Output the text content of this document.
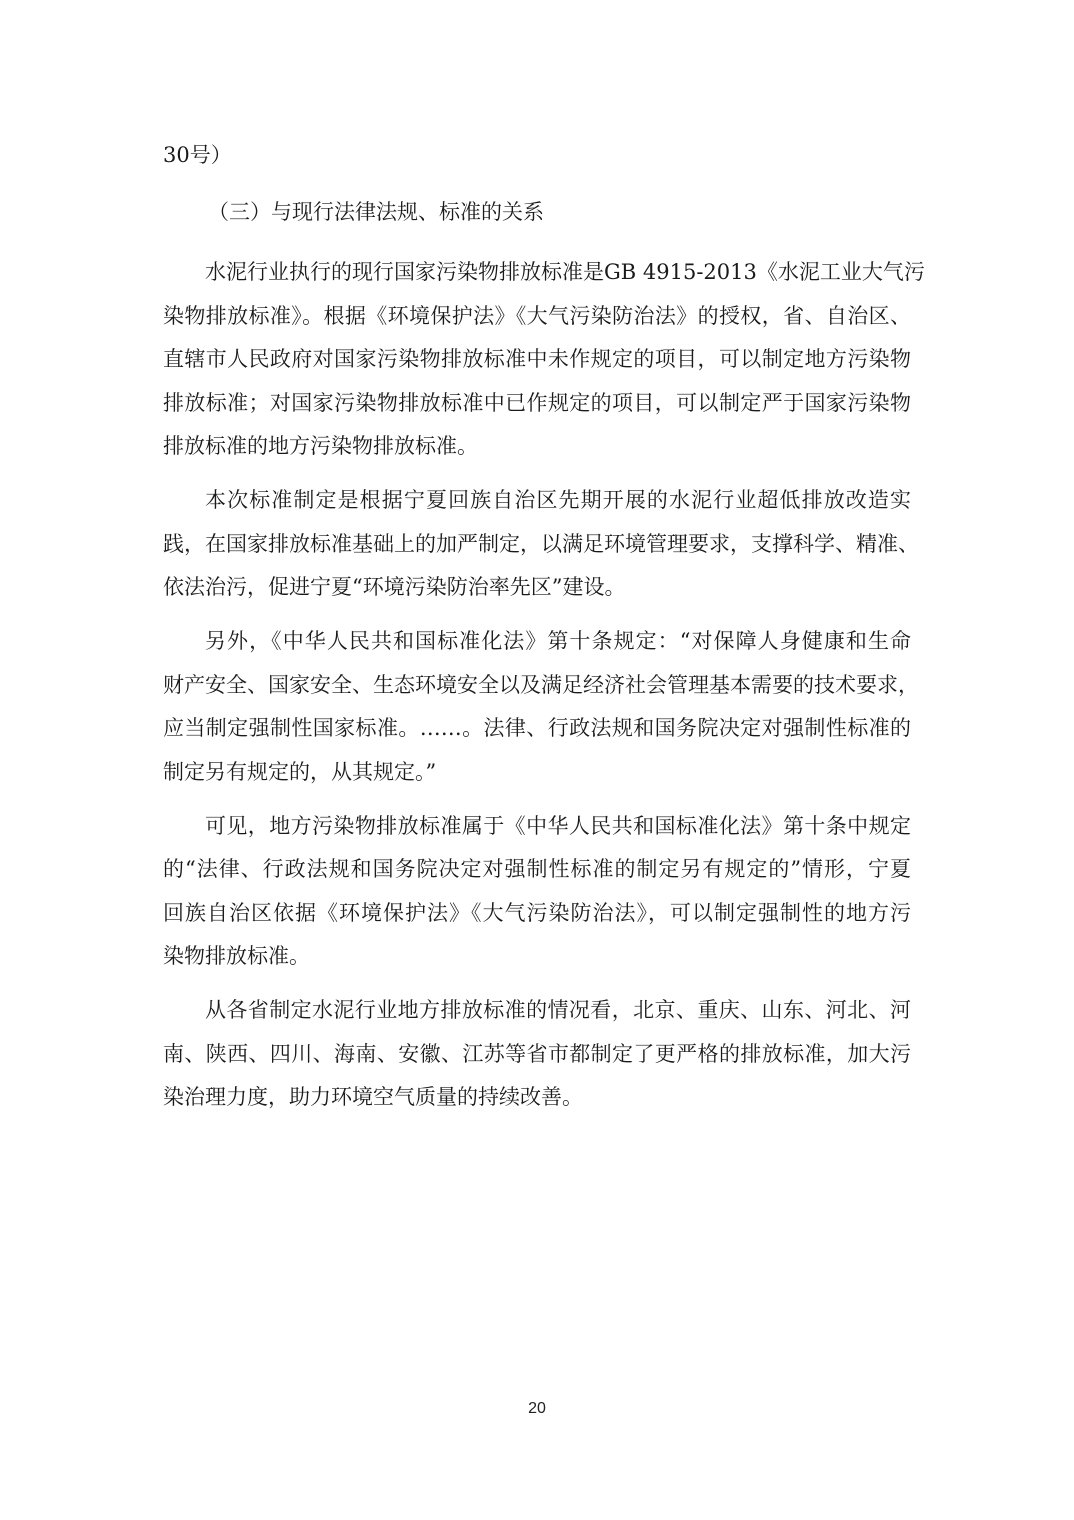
30号）
（三）与现行法律法规、标准的关系
水泥行业执行的现行国家污染物排放标准是GB 4915-2013《水泥工业大气污
染物排放标准》。根据《环境保护法》《大气污染防治法》的授权，省、自治区、
直辖市人民政府对国家污染物排放标准中未作规定的项目，可以制定地方污染物
排放标准；对国家污染物排放标准中已作规定的项目，可以制定严于国家污染物
排放标准的地方污染物排放标准。
本次标准制定是根据宁夏回族自治区先期开展的水泥行业超低排放改造实
践，在国家排放标准基础上的加严制定，以满足环境管理要求，支撑科学、精准、
依法治污，促进宁夏“环境污染防治率先区”建设。
另外，《中华人民共和国标准化法》第十条规定：“对保障人身健康和生命
财产安全、国家安全、生态环境安全以及满足经济社会管理基本需要的技术要求，
应当制定强制性国家标准。……。法律、行政法规和国务院决定对强制性标准的
制定另有规定的，从其规定。”
可见，地方污染物排放标准属于《中华人民共和国标准化法》第十条中规定
的“法律、行政法规和国务院决定对强制性标准的制定另有规定的”情形，宁夏
回族自治区依据《环境保护法》《大气污染防治法》，可以制定强制性的地方污
染物排放标准。
从各省制定水泥行业地方排放标准的情况看，北京、重庆、山东、河北、河
南、陕西、四川、海南、安徽、江苏等省市都制定了更严格的排放标准，加大污
染治理力度，助力环境空气质量的持续改善。
20
